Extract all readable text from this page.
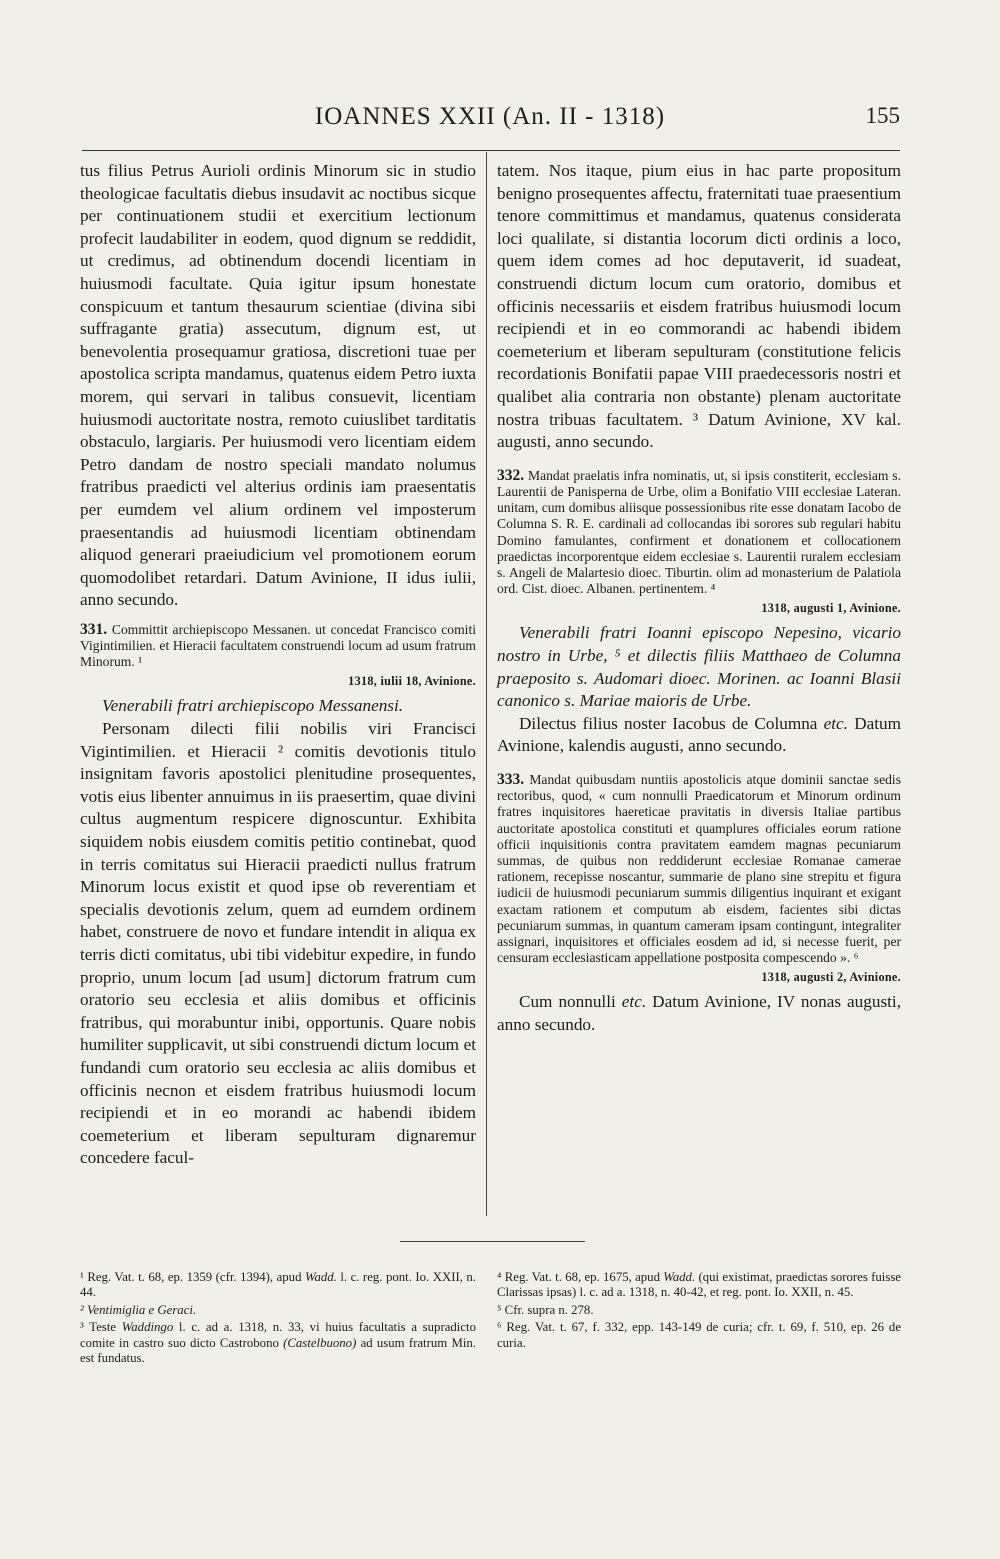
IOANNES XXII (An. II - 1318)	155

tus filius Petrus Aurioli ordinis Minorum sic in studio theologicae facultatis diebus insudavit ac noctibus sicque per continuationem studii et exercitium lectionum profecit laudabiliter in eodem, quod dignum se reddidit, ut credimus, ad obtinendum docendi licentiam in huiusmodi facultate. Quia igitur ipsum honestate conspicuum et tantum thesaurum scientiae (divina sibi suffragante gratia) assecutum, dignum est, ut benevolentia prosequamur gratiosa, discretioni tuae per apostolica scripta mandamus, quatenus eidem Petro iuxta morem, qui servari in talibus consuevit, licentiam huiusmodi auctoritate nostra, remoto cuiuslibet tarditatis obstaculo, largiaris. Per huiusmodi vero licentiam eidem Petro dandam de nostro speciali mandato nolumus fratribus praedicti vel alterius ordinis iam praesentatis per eumdem vel alium ordinem vel imposterum praesentandis ad huiusmodi licentiam obtinendam aliquod generari praeiudicium vel promotionem eorum quomodolibet retardari. Datum Avinione, II idus iulii, anno secundo.

331. Committit archiepiscopo Messanen. ut concedat Francisco comiti Vigintimilien. et Hieracii facultatem construendi locum ad usum fratrum Minorum. ¹
1318, iulii 18, Avinione.

Venerabili fratri archiepiscopo Messanensi.

Personam dilecti filii nobilis viri Francisci Vigintimilien. et Hieracii ² comitis devotionis titulo insignitam favoris apostolici plenitudine prosequentes, votis eius libenter annuimus in iis praesertim, quae divini cultus augmentum respicere dignoscuntur. Exhibita siquidem nobis eiusdem comitis petitio continebat, quod in terris comitatus sui Hieracii praedicti nullus fratrum Minorum locus existit et quod ipse ob reverentiam et specialis devotionis zelum, quem ad eumdem ordinem habet, construere de novo et fundare intendit in aliqua ex terris dicti comitatus, ubi tibi videbitur expedire, in fundo proprio, unum locum [ad usum] dictorum fratrum cum oratorio seu ecclesia et aliis domibus et officinis fratribus, qui morabuntur inibi, opportunis. Quare nobis humiliter supplicavit, ut sibi construendi dictum locum et fundandi cum oratorio seu ecclesia ac aliis domibus et officinis necnon et eisdem fratribus huiusmodi locum recipiendi et in eo morandi ac habendi ibidem coemeterium et liberam sepulturam dignaremur concedere facul-

tatem. Nos itaque, pium eius in hac parte propositum benigno prosequentes affectu, fraternitati tuae praesentium tenore committimus et mandamus, quatenus considerata loci qualilate, si distantia locorum dicti ordinis a loco, quem idem comes ad hoc deputaverit, id suadeat, construendi dictum locum cum oratorio, domibus et officinis necessariis et eisdem fratribus huiusmodi locum recipiendi et in eo commorandi ac habendi ibidem coemeterium et liberam sepulturam (constitutione felicis recordationis Bonifatii papae VIII praedecessoris nostri et qualibet alia contraria non obstante) plenam auctoritate nostra tribuas facultatem. ³ Datum Avinione, XV kal. augusti, anno secundo.

332. Mandat praelatis infra nominatis, ut, si ipsis constiterit, ecclesiam s. Laurentii de Panisperna de Urbe, olim a Bonifatio VIII ecclesiae Lateran. unitam, cum domibus aliisque possessionibus rite esse donatam Iacobo de Columna S. R. E. cardinali ad collocandas ibi sorores sub regulari habitu Domino famulantes, confirment et donationem et collocationem praedictas incorporentque eidem ecclesiae s. Laurentii ruralem ecclesiam s. Angeli de Malartesio dioec. Tiburtin. olim ad monasterium de Palatiola ord. Cist. dioec. Albanen. pertinentem. ⁴
1318, augusti 1, Avinione.

Venerabili fratri Ioanni episcopo Nepesino, vicario nostro in Urbe, ⁵ et dilectis filiis Matthaeo de Columna praeposito s. Audomari dioec. Morinen. ac Ioanni Blasii canonico s. Mariae maioris de Urbe.

Dilectus filius noster Iacobus de Columna etc. Datum Avinione, kalendis augusti, anno secundo.

333. Mandat quibusdam nuntiis apostolicis atque dominii sanctae sedis rectoribus, quod, « cum nonnulli Praedicatorum et Minorum ordinum fratres inquisitores haereticae pravitatis in diversis Italiae partibus auctoritate apostolica constituti et quamplures officiales eorum ratione officii inquisitionis contra pravitatem eamdem magnas pecuniarum summas, de quibus non reddiderunt ecclesiae Romanae camerae rationem, recepisse noscantur, summarie de plano sine strepitu et figura iudicii de huiusmodi pecuniarum summis diligentius inquirant et exigant exactam rationem et computum ab eisdem, facientes sibi dictas pecuniarum summas, in quantum cameram ipsam contingunt, integraliter assignari, inquisitores et officiales eosdem ad id, si necesse fuerit, per censuram ecclesiasticam appellatione postposita compescendo ». ⁶
1318, augusti 2, Avinione.

Cum nonnulli etc. Datum Avinione, IV nonas augusti, anno secundo.

¹ Reg. Vat. t. 68, ep. 1359 (cfr. 1394), apud Wadd. l. c. reg. pont. Io. XXII, n. 44.
² Ventimiglia e Geraci.
³ Teste Waddingo l. c. ad a. 1318, n. 33, vi huius facultatis a supradicto comite in castro suo dicto Castrobono (Castelbuono) ad usum fratrum Min. est fundatus.
⁴ Reg. Vat. t. 68, ep. 1675, apud Wadd. (qui existimat, praedictas sorores fuisse Clarissas ipsas) l. c. ad a. 1318, n. 40-42, et reg. pont. Io. XXII, n. 45.
⁵ Cfr. supra n. 278.
⁶ Reg. Vat. t. 67, f. 332, epp. 143-149 de curia; cfr. t. 69, f. 510, ep. 26 de curia.
